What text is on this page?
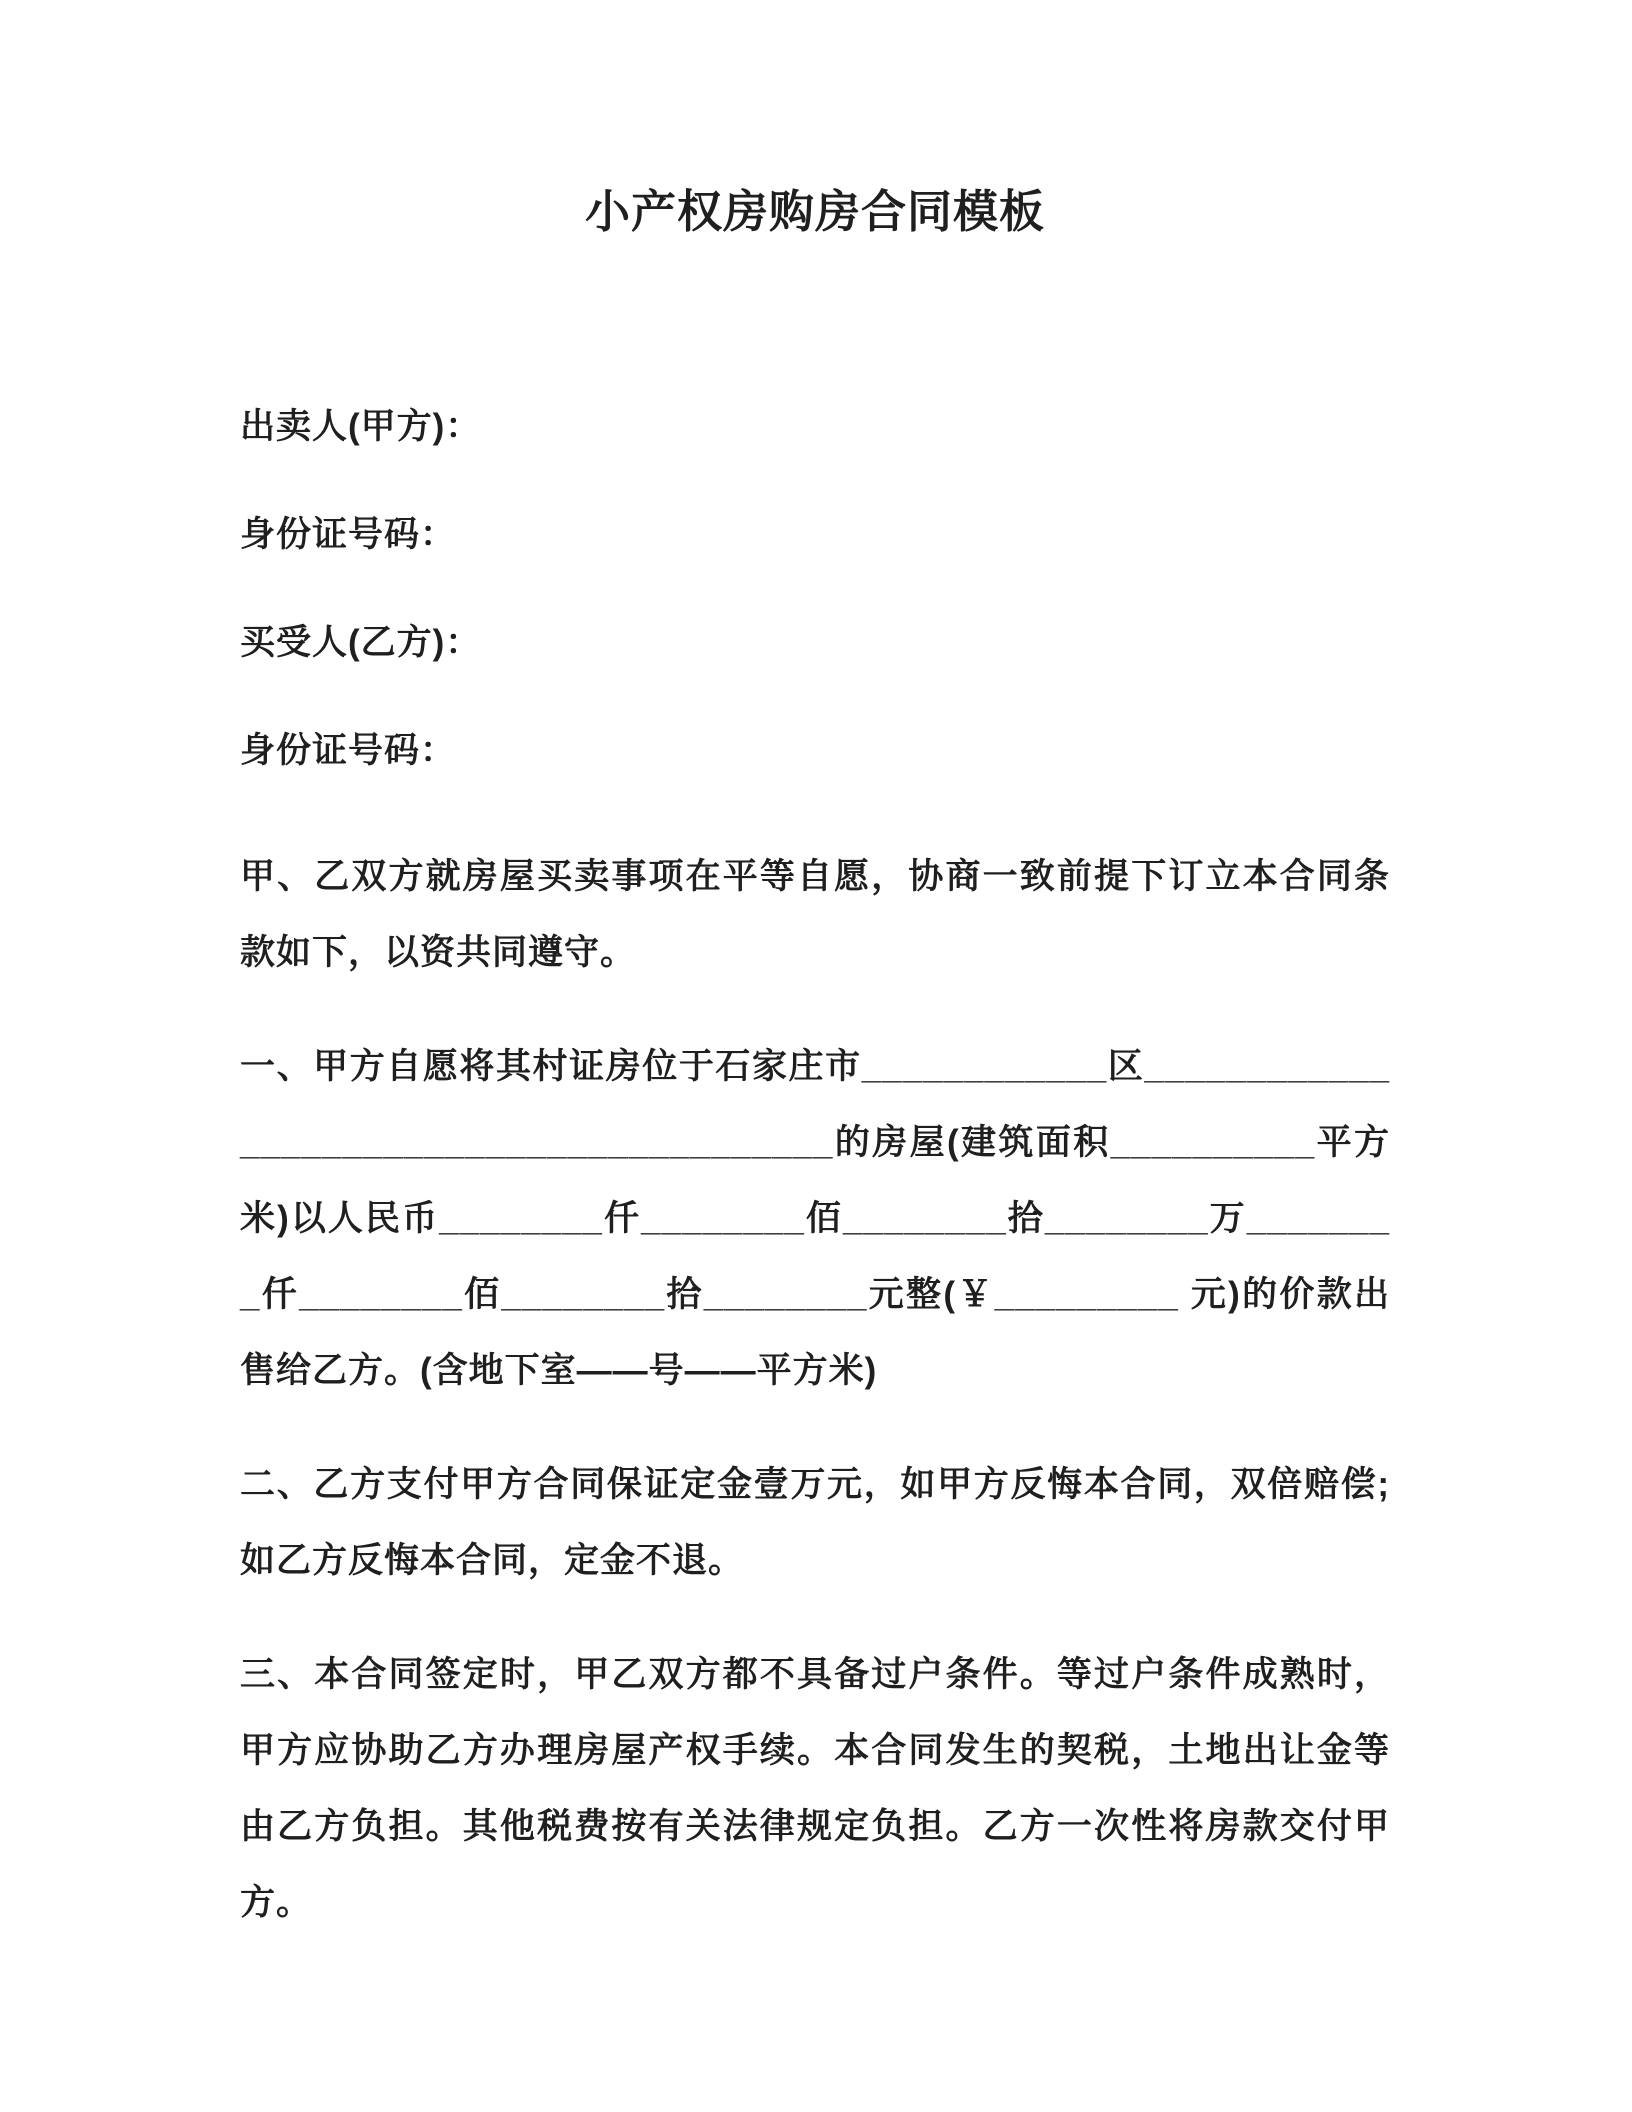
小产权房购房合同模板
出卖人(甲方)：
身份证号码：
买受人(乙方)：
身份证号码：

甲、乙双方就房屋买卖事项在平等自愿，协商一致前提下订立本合同条款如下，以资共同遵守。

一、甲方自愿将其村证房位于石家庄市____________区_________________________________________的房屋(建筑面积__________平方米)以人民币________仟________佰________拾________万________仟________佰________拾________元整(￥_________ 元)的价款出售给乙方。(含地下室——号——平方米)

二、乙方支付甲方合同保证定金壹万元，如甲方反悔本合同，双倍赔偿;如乙方反悔本合同，定金不退。

三、本合同签定时，甲乙双方都不具备过户条件。等过户条件成熟时，甲方应协助乙方办理房屋产权手续。本合同发生的契税，土地出让金等由乙方负担。其他税费按有关法律规定负担。乙方一次性将房款交付甲方。
